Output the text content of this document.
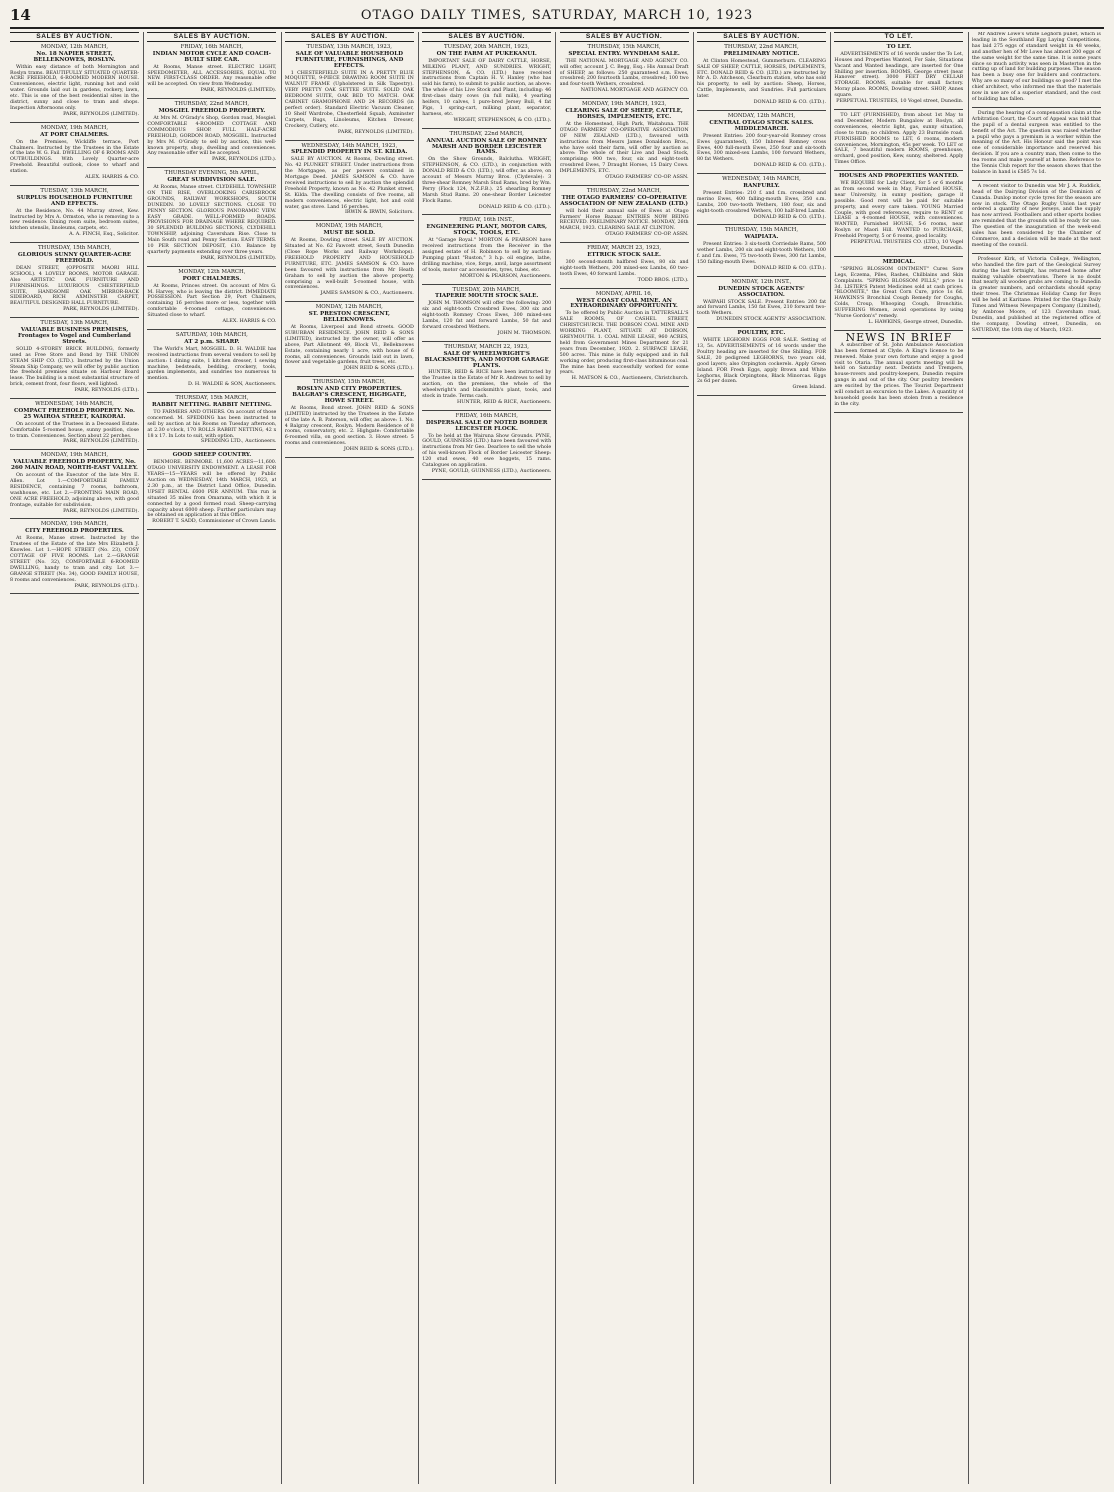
14	OTAGO DAILY TIMES, SATURDAY, MARCH 10, 1923
SALES BY AUCTION.
MONDAY, 12th MARCH,
No. 18 NAPIER STREET, BELLEKNOWES, ROSLYN.
Within easy distance of both Mornington and Roslyn trams. BEAUTIFULLY SITUATED QUARTER-ACRE FREEHOLD, 6-ROOMED MODERN HOUSE. Conveniences, electric light, running hot and cold water. Grounds laid out in gardens, rockery, lawn, etc. This is one of the best residential sites in the district, sunny and close to tram and shops. Inspection Afternoons only.
PARK, REYNOLDS (LIMITED).
MONDAY, 19th MARCH,
AT PORT CHALMERS.
On the Premises, Wickliffe terrace, Port Chalmers. Instructed by the Trustees in the Estate of the late W. G. Fail. DWELLING OF 6 ROOMS AND OUTBUILDINGS. With Lovely Quarter-acre Freehold. Beautiful outlook, close to wharf and station.
ALEX. HARRIS & CO.
TUESDAY, 13th MARCH,
SURPLUS HOUSEHOLD FURNITURE AND EFFECTS.
At the Residence, No. 44 Murray street, Kew. Instructed by Mrs A. Ormston, who is removing to a new residence. Dining room suite, bedroom suites, kitchen utensils, linoleums, carpets, etc.
A. A. FINCH, Esq., Solicitor.
THURSDAY, 15th MARCH,
GLORIOUS SUNNY QUARTER-ACRE FREEHOLD.
DEAN STREET, (OPPOSITE MAORI HILL SCHOOL). 4 LOVELY ROOMS, MOTOR GARAGE. Also ARTISTIC OAK FURNITURE AND FURNISHINGS. LUXURIOUS CHESTERFIELD SUITE, HANDSOME OAK MIRROR-BACK SIDEBOARD, RICH AXMINSTER CARPET, BEAUTIFUL DESIGNED HALL FURNITURE.
PARK, REYNOLDS (LIMITED).
TUESDAY, 13th MARCH,
VALUABLE BUSINESS PREMISES, Frontages to Vogel and Cumberland Streets.
SOLID 4-STOREY BRICK BUILDING, formerly used as Free Store and Bond by THE UNION STEAM SHIP CO. (LTD.). Instructed by the Union Steam Ship Company, we will offer by public auction the freehold premises situate on Harbour Board lease. The building is a most substantial structure of brick, cement front, four floors, well lighted.
PARK, REYNOLDS (LTD.).
WEDNESDAY, 14th MARCH,
COMPACT FREEHOLD PROPERTY. No. 25 WAIROA STREET, KAIKORAI.
On account of the Trustees in a Deceased Estate. Comfortable 5-roomed house, sunny position, close to tram. Conveniences. Section about 22 perches.
PARK, REYNOLDS (LIMITED).
MONDAY, 19th MARCH,
VALUABLE FREEHOLD PROPERTY, No. 260 MAIN ROAD, NORTH-EAST VALLEY.
On account of the Executor of the late Mrs E. Allen. Lot 1.—COMFORTABLE FAMILY RESIDENCE, containing 7 rooms, bathroom, washhouse, etc. Lot 2.—FRONTING MAIN ROAD, ONE ACRE FREEHOLD, adjoining above, with good frontage, suitable for subdivision.
PARK, REYNOLDS (LIMITED).
MONDAY, 19th MARCH,
CITY FREEHOLD PROPERTIES.
At Rooms, Manse street. Instructed by the Trustees of the Estate of the late Mrs Elizabeth J. Knowles. Lot 1.—HOPE STREET (No. 23), COSY COTTAGE OF FIVE ROOMS. Lot 2.—GRANGE STREET (No. 32), COMFORTABLE 6-ROOMED DWELLING, handy to tram and city. Lot 3.—GRANGE STREET (No. 34), GOOD FAMILY HOUSE, 8 rooms and conveniences.
PARK, REYNOLDS (LTD.).
SALES BY AUCTION.
FRIDAY, 16th MARCH,
INDIAN MOTOR CYCLE AND COACH-BUILT SIDE CAR.
At Rooms, Manse street. ELECTRIC LIGHT, SPEEDOMETER, ALL ACCESSORIES, EQUAL TO NEW. FIRST-CLASS ORDER. Any reasonable offer will be accepted. On view from Wednesday.
PARK, REYNOLDS (LIMITED).
THURSDAY, 22nd MARCH,
MOSGIEL FREEHOLD PROPERTY.
At Mrs M. O'Grady's Shop, Gordon road, Mosgiel. COMFORTABLE 4-ROOMED COTTAGE AND COMMODIOUS SHOP. FULL HALF-ACRE FREEHOLD, GORDON ROAD, MOSGIEL. Instructed by Mrs M. O'Grady to sell by auction, this well-known property, shop, dwelling and conveniences. Any reasonable offer will be accepted.
PARK, REYNOLDS (LTD.).
THURSDAY EVENING, 5th APRIL,
GREAT SUBDIVISION SALE.
At Rooms, Manse street. CLYDEHILL TOWNSHIP. ON THE RISE, OVERLOOKING CARISBROOK GROUNDS, RAILWAY WORKSHOPS, SOUTH DUNEDIN. 30 LOVELY SECTIONS. CLOSE TO PENNY SECTION. GLORIOUS PANORAMIC VIEW. EASY GRADE. WELL-FORMED ROADS. PROVISIONS FOR DRAINAGE WHERE REQUIRED. 30 SPLENDID BUILDING SECTIONS, CLYDEHILL TOWNSHIP, adjoining Caversham Rise. Close to Main South road and Penny Section. EASY TERMS. 10 PER SECTION DEPOSIT, £10. Balance by quarterly payments extending over three years.
PARK, REYNOLDS (LIMITED).
MONDAY, 12th MARCH,
PORT CHALMERS.
At Rooms, Princes street. On account of Mrs G. M. Harvey, who is leaving the district. IMMEDIATE POSSESSION. Part Section 29, Port Chalmers, containing 16 perches more or less, together with comfortable 4-roomed cottage, conveniences. Situated close to wharf.
ALEX. HARRIS & CO.
SATURDAY, 10th MARCH,
AT 2 p.m. SHARP.
The World's Mart, MOSGIEL. D. H. WALDIE has received instructions from several vendors to sell by auction: 1 dining suite, 1 kitchen dresser, 1 sewing machine, bedsteads, bedding, crockery, tools, garden implements, and sundries too numerous to mention.
D. H. WALDIE & SON, Auctioneers.
THURSDAY, 15th MARCH,
RABBIT NETTING. RABBIT NETTING.
TO FARMERS AND OTHERS. On account of those concerned. M. SPEDDING has been instructed to sell by auction at his Rooms on Tuesday afternoon, at 2.30 o'clock, 170 ROLLS RABBIT NETTING, 42 x 18 x 17. In Lots to suit, with option.
SPEDDING LTD., Auctioneers.
GOOD SHEEP COUNTRY.
BENMORE. BENMORE. 11,600 ACRES—11,600. OTAGO UNIVERSITY ENDOWMENT. A LEASE FOR YEARS—15—YEARS will be offered by Public Auction on WEDNESDAY, 14th MARCH, 1923, at 2.30 p.m., at the District Land Office, Dunedin. UPSET RENTAL £600 PER ANNUM. This run is situated 35 miles from Omarama, with which it is connected by a good formed road. Sheep-carrying capacity about 6000 sheep. Further particulars may be obtained on application at this Office.
ROBERT T. SADD, Commissioner of Crown Lands.
SALES BY AUCTION.
TUESDAY, 13th MARCH, 1923,
SALE OF VALUABLE HOUSEHOLD FURNITURE, FURNISHINGS, AND EFFECTS.
1 CHESTERFIELD SUITE IN A PRETTY BLUE MOQUETTE, 9-PIECE DRAWING ROOM SUITE IN WALNUT FRAME (Upholstered in Silk Tapestry). VERY PRETTY OAK SETTEE SUITE. SOLID OAK BEDROOM SUITE, OAK BED TO MATCH. OAK CABINET GRAMOPHONE AND 24 RECORDS (in perfect order). Standard Electric Vacuum Cleaner, 10 Shelf Wardrobe, Chesterfield Squab, Axminster Carpets, Rugs, Linoleums, Kitchen Dresser, Crockery, Cutlery, etc.
PARK, REYNOLDS (LIMITED).
WEDNESDAY, 14th MARCH, 1923,
SPLENDID PROPERTY IN ST. KILDA.
SALE BY AUCTION. At Rooms, Dowling street. No. 42 PLUNKET STREET. Under instructions from the Mortgagee, as per powers contained in Mortgage Deed. JAMES SAMSON & CO. have received instructions to sell by auction the splendid Freehold Property, known as No. 42 Plunket street, St. Kilda. The dwelling consists of five rooms, all modern conveniences, electric light, hot and cold water, gas stove. Land 16 perches.
IRWIN & IRWIN, Solicitors.
MONDAY, 19th MARCH,
MUST BE SOLD.
At Rooms, Dowling street. SALE BY AUCTION. Situated at No. 62 Fawcett street, South Dunedin (Close Rope Works and Railway Workshops). FREEHOLD PROPERTY AND HOUSEHOLD FURNITURE, ETC. JAMES SAMSON & CO. have been favoured with instructions from Mr Heath Graham to sell by auction the above property, comprising a well-built 5-roomed house, with conveniences.
JAMES SAMSON & CO., Auctioneers.
MONDAY, 12th MARCH,
ST. PRESTON CRESCENT, BELLEKNOWES.
At Rooms, Liverpool and Bond streets. GOOD SUBURBAN RESIDENCE. JOHN REID & SONS (LIMITED), instructed by the owner, will offer as above, Part Allotment 49, Block VI., Belleknowes Estate, containing nearly 1 acre, with house of 6 rooms, all conveniences. Grounds laid out in lawn, flower and vegetable gardens, fruit trees, etc.
JOHN REID & SONS (LTD.).
THURSDAY, 15th MARCH,
ROSLYN AND CITY PROPERTIES. BALGRAY'S CRESCENT, HIGHGATE, HOWE STREET.
At Rooms, Bond street. JOHN REID & SONS (LIMITED) instructed by the Trustees in the Estate of the late A. B. Paterson, will offer, as above: 1. No. 4 Balgray crescent, Roslyn. Modern Residence of 8 rooms, conservatory, etc. 2. Highgate: Comfortable 6-roomed villa, on good section. 3. Howe street: 5 rooms and conveniences.
JOHN REID & SONS (LTD.).
SALES BY AUCTION.
TUESDAY, 20th MARCH, 1923,
ON THE FARM AT PUKEKANUI.
IMPORTANT SALE OF DAIRY CATTLE, HORSE, MILKING PLANT, AND SUNDRIES. WRIGHT, STEPHENSON, & CO. (LTD.) have received instructions from Captain H. V. Hanley (who has sold his farm), to submit to public auction, as above: The whole of his Live Stock and Plant, including: 46 first-class dairy cows (in full milk), 4 yearling heifers, 10 calves, 1 pure-bred Jersey Bull, 4 fat Pigs, 1 spring-cart, milking plant, separator, harness, etc.
WRIGHT, STEPHENSON, & CO. (LTD.).
THURSDAY, 22nd MARCH,
ANNUAL AUCTION SALE OF ROMNEY MARSH AND BORDER LEICESTER RAMS.
On the Show Grounds, Balclutha. WRIGHT, STEPHENSON, & CO. (LTD.), in conjunction with DONALD REID & CO. (LTD.), will offer, as above, on account of Messrs Murray Bros. (Clydevale): 3 three-shear Romney Marsh Stud Rams, bred by Wm. Perry (Flock 124, N.Z.F.B.). 25 shearling Romney Marsh Stud Rams. 20 one-shear Border Leicester Flock Rams.
DONALD REID & CO. (LTD.).
FRIDAY, 16th INST.,
ENGINEERING PLANT, MOTOR CARS, STOCK, TOOLS, ETC.
At "Garage Royal." MORTON & PEARSON have received instructions from the Receiver in the assigned estate of H. Robinson to sell by auction: Pumping plant "Ruston," 3 h.p. oil engine, lathe, drilling machine, vice, forge, anvil, large assortment of tools, motor car accessories, tyres, tubes, etc.
MORTON & PEARSON, Auctioneers.
TUESDAY, 20th MARCH,
TIAPERIE MOUTH STOCK SALE.
JOHN M. THOMSON will offer the following: 200 six and eight-tooth Crossbred Ewes, 300 six and eight-tooth Romney Cross Ewes, 300 mixed-sex Lambs, 120 fat and forward Lambs, 50 fat and forward crossbred Wethers.
JOHN M. THOMSON.
THURSDAY, MARCH 22, 1923,
SALE OF WHEELWRIGHT'S BLACKSMITH'S, AND MOTOR GARAGE PLANTS.
HUNTER, REID & RICE have been instructed by the Trustee in the Estate of Mr R. Andrews to sell by auction, on the premises, the whole of the wheelwright's and blacksmith's plant, tools, and stock in trade. Terms cash.
HUNTER, REID & RICE, Auctioneers.
FRIDAY, 16th MARCH,
DISPERSAL SALE OF NOTED BORDER LEICESTER FLOCK.
To be held at the Wairuna Show Grounds. PYNE, GOULD, GUINNESS (LTD.) have been favoured with instructions from Mr Geo. Dearlove to sell the whole of his well-known Flock of Border Leicester Sheep: 120 stud ewes, 40 ewe hoggets, 15 rams. Catalogues on application.
PYNE, GOULD, GUINNESS (LTD.), Auctioneers.
SALES BY AUCTION.
THURSDAY, 15th MARCH,
SPECIAL ENTRY. WYNDHAM SALE.
THE NATIONAL MORTGAGE AND AGENCY CO. will offer, account J. C. Begg, Esq.: His Annual Draft of SHEEP, as follows: 250 guaranteed s.m. Ewes, crossbred; 200 fourtooth Lambs, crossbred; 100 two and four-tooth Wethers, crossbred.
NATIONAL MORTGAGE AND AGENCY CO.
MONDAY, 19th MARCH, 1923,
CLEARING SALE OF SHEEP, CATTLE, HORSES, IMPLEMENTS, ETC.
At the Homestead, High Park, Waitahuna. THE OTAGO FARMERS' CO-OPERATIVE ASSOCIATION OF NEW ZEALAND (LTD.), favoured with instructions from Messrs James Donaldson Bros., who have sold their farm, will offer by auction as above: The whole of their Live and Dead Stock, comprising: 900 two, four, six and eight-tooth crossbred Ewes, 7 Draught Horses, 15 Dairy Cows. IMPLEMENTS, ETC.
OTAGO FARMERS' CO-OP. ASSN.
THURSDAY, 22nd MARCH,
THE OTAGO FARMERS' CO-OPERATIVE ASSOCIATION OF NEW ZEALAND (LTD.)
will hold their annual sale of Ewes at Otago Farmers' Horse Bazaar. ENTRIES NOW BEING RECEIVED. PRELIMINARY NOTICE. MONDAY, 26th MARCH, 1923. CLEARING SALE AT CLINTON.
OTAGO FARMERS' CO-OP. ASSN.
FRIDAY, MARCH 23, 1923,
ETTRICK STOCK SALE.
300 second-month halfbred Ewes, 80 six and eight-tooth Wethers, 200 mixed-sex Lambs, 60 two-tooth Ewes, 40 forward Lambs.
TODD BROS. (LTD.).
MONDAY, APRIL 16,
WEST COAST COAL MINE. AN EXTRAORDINARY OPPORTUNITY.
To be offered by Public Auction in TATTERSALL'S SALE ROOMS, OF CASHEL STREET, CHRISTCHURCH. THE DOBSON COAL MINE AND WORKING PLANT, SITUATE AT DOBSON, GREYMOUTH. 1. COAL MINE LEASE, 960 ACRES, held from Government Mines Department for 21 years from December, 1920. 2. SURFACE LEASE, 500 acres. This mine is fully equipped and in full working order, producing first-class bituminous coal. The mine has been successfully worked for some years.
H. MATSON & CO., Auctioneers, Christchurch.
SALES BY AUCTION.
THURSDAY, 22nd MARCH,
PRELIMINARY NOTICE.
At Clinton Homestead, Gummerburn. CLEARING SALE OF SHEEP, CATTLE, HORSES, IMPLEMENTS, ETC. DONALD REID & CO. (LTD.) are instructed by Mr A. D. Aitcheson, Clearburn station, who has sold his property, to sell by auction: Sheep, Horses, Cattle, Implements, and Sundries. Full particulars later.
DONALD REID & CO. (LTD.).
MONDAY, 12th MARCH,
CENTRAL OTAGO STOCK SALES. MIDDLEMARCH.
Present Entries: 200 four-year-old Romney cross Ewes (guaranteed), 150 Inbreed Romney cross Ewes, 400 full-mouth Ewes, 250 four and six-tooth Ewes, 300 mixed-sex Lambs, 100 forward Wethers, 80 fat Wethers.
DONALD REID & CO. (LTD.).
WEDNESDAY, 14th MARCH,
RANFURLY.
Present Entries: 210 f. and f.m. crossbred and merino Ewes, 400 falling-mouth Ewes, 350 s.m. Lambs, 200 two-tooth Wethers, 180 four, six and eight-tooth crossbred Wethers, 100 half-bred Lambs.
DONALD REID & CO. (LTD.).
THURSDAY, 15th MARCH,
WAIPIATA.
Present Entries: 3 six-tooth Corriedale Rams, 500 wether Lambs, 200 six and eight-tooth Wethers, 100 f. and f.m. Ewes, 75 two-tooth Ewes, 300 fat Lambs, 150 falling-mouth Ewes.
DONALD REID & CO. (LTD.).
MONDAY, 12th INST.,
DUNEDIN STOCK AGENTS' ASSOCIATION.
WAIPAHI STOCK SALE. Present Entries: 200 fat and forward Lambs, 150 fat Ewes, 210 forward two-tooth Wethers.
DUNEDIN STOCK AGENTS' ASSOCIATION.
POULTRY, ETC.
WHITE LEGHORN EGGS FOR SALE. Setting of 13, 5s. ADVERTISEMENTS of 16 words under the Poultry heading are inserted for One Shilling. FOR SALE, 20 pedigreed LEGHORNS, two years old, good layers; also Orpington cockerels. Apply Green Island. FOR Fresh Eggs, apply Brown and White Leghorns, Black Orpingtons, Black Minorcas. Eggs 2s 6d per dozen.
Green Island.
TO LET.
TO LET.
ADVERTISEMENTS of 16 words under the To Let, Houses and Properties Wanted, For Sale, Situations Vacant and Wanted headings, are inserted for One Shilling per insertion. ROOMS, George street (near Hanover street). 3000 FEET DRY CELLAR STORAGE. ROOMS, suitable for small factory. Moray place. ROOMS, Dowling street. SHOP, Annex square.
PERPETUAL TRUSTEES, 10 Vogel street, Dunedin.
TO LET (FURNISHED), from about 1st May to end December, Modern Bungalow at Roslyn, all conveniences, electric light, gas, sunny situation, close to tram; no children. Apply 23 Burnside road. FURNISHED ROOMS to LET, 6 rooms, modern conveniences, Mornington, 45s per week. TO LET or SALE, 7 beautiful modern ROOMS, greenhouse, orchard, good position, Kew, sunny, sheltered. Apply Times Office.
HOUSES AND PROPERTIES WANTED.
WE REQUIRE for Lady Client, for 5 or 6 months as from second week in May, Furnished HOUSE, near University, in sunny position; garage if possible. Good rent will be paid for suitable property, and every care taken. YOUNG Married Couple, with good references, require to RENT or LEASE a 4-roomed HOUSE, with conveniences. WANTED, Furnished HOUSE, 5-6 rooms, near Roslyn or Maori Hill. WANTED to PURCHASE, Freehold Property, 5 or 6 rooms, good locality.
PERPETUAL TRUSTEES CO. (LTD.), 10 Vogel street, Dunedin.
MEDICAL.
"SPRING BLOSSOM OINTMENT" Cures Sore Legs, Eczema, Piles, Rashes, Chilblains and Skin Complaints. "SPRING BLOSSOM PILLS," price 1s 3d. LISTER'S Patent Medicines sold at cash prices. "BLOOMITE," the Great Corn Cure, price 1s 6d. HAWKINS'S Bronchial Cough Remedy for Coughs, Colds, Croup, Whooping Cough, Bronchitis. SUFFERING Women, avoid operations by using "Nurse Gordon's" remedy.
L. HAWKINS, George street, Dunedin.
NEWS IN BRIEF
A subscriber of St. John Ambulance Association has been formed at Clyde. A King's licence to be renewed. Make your own fortune and enjoy a good visit to Otaria. The annual sports meeting will be held on Saturday next. Dentists and Trempers, house-rovers and poultry-keepers, Dunedin require gangs in and out of the city. Our poultry breeders are excited by the prices. The Tourist Department will conduct an excursion to the Lakes. A quantity of household goods has been stolen from a residence in the city.
Mr Andrew Lowe's white Leghorn pullet, which is leading in the Southland Egg Laying Competitions, has laid 275 eggs of standard weight in 48 weeks, and another hen of Mr Lowe has almost 200 eggs of the same weight for the same time. It is some years since so much activity was seen in Masterton in the cutting up of land for building purposes. The season has been a busy one for builders and contractors. Why are so many of our buildings so good? I met the chief architect, who informed me that the materials now in use are of a superior standard, and the cost of building has fallen.
During the hearing of a compensation claim at the Arbitration Court, the Court of Appeal was told that the pupil of a dental surgeon was entitled to the benefit of the Act. The question was raised whether a pupil who pays a premium is a worker within the meaning of the Act. His Honour said the point was one of considerable importance and reserved his decision. If you are a country man, then come to the tea rooms and make yourself at home. Reference to the Tennis Club report for the season shows that the balance in hand is £585 7s 1d.
A recent visitor to Dunedin was Mr J. A. Ruddick, head of the Dairying Division of the Dominion of Canada. Dunlop motor cycle tyres for the season are now in stock. The Otago Rugby Union last year ordered a quantity of new jerseys, and the supply has now arrived. Footballers and other sports bodies are reminded that the grounds will be ready for use. The question of the inauguration of the week-end sales has been considered by the Chamber of Commerce, and a decision will be made at the next meeting of the council.
Professor Kirk, of Victoria College, Wellington, who handled the fire part of the Geological Survey during the last fortnight, has returned home after making valuable observations. There is no doubt that nearly all wooden grubs are coming to Dunedin in greater numbers, and orchardists should spray their trees. The Christmas Holiday Camp for Boys will be held at Karitane. Printed for the Otago Daily Times and Witness Newspapers Company (Limited), by Ambrose Moore, of 123 Caversham road, Dunedin, and published at the registered office of the company, Dowling street, Dunedin, on SATURDAY, the 10th day of March, 1923.
